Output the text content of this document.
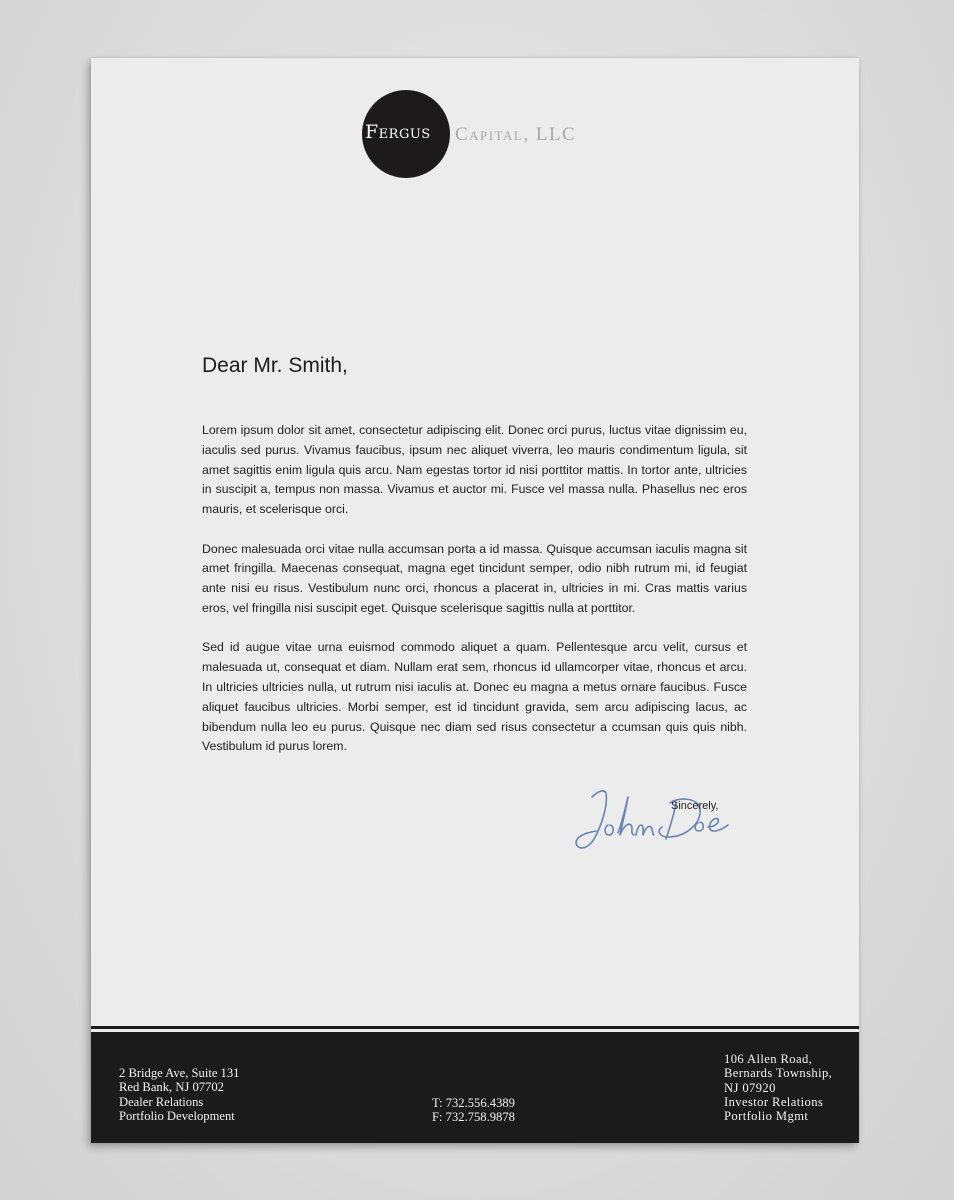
Fergus Capital, LLC
Dear Mr. Smith,

Lorem ipsum dolor sit amet, consectetur adipiscing elit. Donec orci purus, luctus vitae dignissim eu, iaculis sed purus. Vivamus faucibus, ipsum nec aliquet viverra, leo mauris condimentum ligula, sit amet sagittis enim ligula quis arcu. Nam egestas tortor id nisi porttitor mattis. In tortor ante, ultricies in suscipit a, tempus non massa. Vivamus et auctor mi. Fusce vel massa nulla. Phasellus nec eros mauris, et scelerisque orci.

Donec malesuada orci vitae nulla accumsan porta a id massa. Quisque accumsan iaculis magna sit amet fringilla. Maecenas consequat, magna eget tincidunt semper, odio nibh rutrum mi, id feugiat ante nisi eu risus. Vestibulum nunc orci, rhoncus a placerat in, ultricies in mi. Cras mattis varius eros, vel fringilla nisi suscipit eget. Quisque scelerisque sagittis nulla at porttitor.

Sed id augue vitae urna euismod commodo aliquet a quam. Pellentesque arcu velit, cursus et malesuada ut, consequat et diam. Nullam erat sem, rhoncus id ullamcorper vitae, rhoncus et arcu. In ultricies ultricies nulla, ut rutrum nisi iaculis at. Donec eu magna a metus ornare faucibus. Fusce aliquet faucibus ultricies. Morbi semper, est id tincidunt gravida, sem arcu adipiscing lacus, ac bibendum nulla leo eu purus. Quisque nec diam sed risus consectetur a ccumsan quis quis nibh. Vestibulum id purus lorem.

Sincerely,
2 Bridge Ave, Suite 131
Red Bank, NJ 07702
Dealer Relations
Portfolio Development
T: 732.556.4389
F: 732.758.9878
106 Allen Road,
Bernards Township,
NJ 07920
Investor Relations
Portfolio Mgmt
